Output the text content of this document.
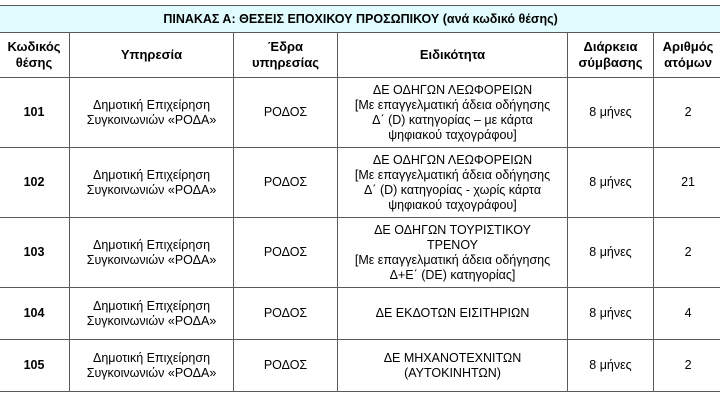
ΠΙΝΑΚΑΣ Α: ΘΕΣΕΙΣ ΕΠΟΧΙΚΟΥ ΠΡΟΣΩΠΙΚΟΥ (ανά κωδικό θέσης)					

Κωδικός
θέσης	Υπηρεσία	Έδρα
υπηρεσίας	Ειδικότητα	Διάρκεια
σύμβασης	Αριθμός
ατόμων

101	Δημοτική Επιχείρηση
Συγκοινωνιών «ΡΟΔΑ»	ΡΟΔΟΣ	ΔΕ ΟΔΗΓΩΝ ΛΕΩΦΟΡΕΙΩΝ
[Με επαγγελματική άδεια οδήγησης
Δ΄ (D) κατηγορίας – με κάρτα
ψηφιακού ταχογράφου]	8 μήνες	2
102	Δημοτική Επιχείρηση
Συγκοινωνιών «ΡΟΔΑ»	ΡΟΔΟΣ	ΔΕ ΟΔΗΓΩΝ ΛΕΩΦΟΡΕΙΩΝ
[Με επαγγελματική άδεια οδήγησης
Δ΄ (D) κατηγορίας - χωρίς κάρτα
ψηφιακού ταχογράφου]	8 μήνες	21
103	Δημοτική Επιχείρηση
Συγκοινωνιών «ΡΟΔΑ»	ΡΟΔΟΣ	ΔΕ ΟΔΗΓΩΝ ΤΟΥΡΙΣΤΙΚΟΥ
ΤΡΕΝΟΥ
[Με επαγγελματική άδεια οδήγησης
Δ+Ε΄ (DE) κατηγορίας]	8 μήνες	2
104	Δημοτική Επιχείρηση
Συγκοινωνιών «ΡΟΔΑ»	ΡΟΔΟΣ	ΔΕ ΕΚΔΟΤΩΝ ΕΙΣΙΤΗΡΙΩΝ	8 μήνες	4
105	Δημοτική Επιχείρηση
Συγκοινωνιών «ΡΟΔΑ»	ΡΟΔΟΣ	ΔΕ ΜΗΧΑΝΟΤΕΧΝΙΤΩΝ
(ΑΥΤΟΚΙΝΗΤΩΝ)	8 μήνες	2
